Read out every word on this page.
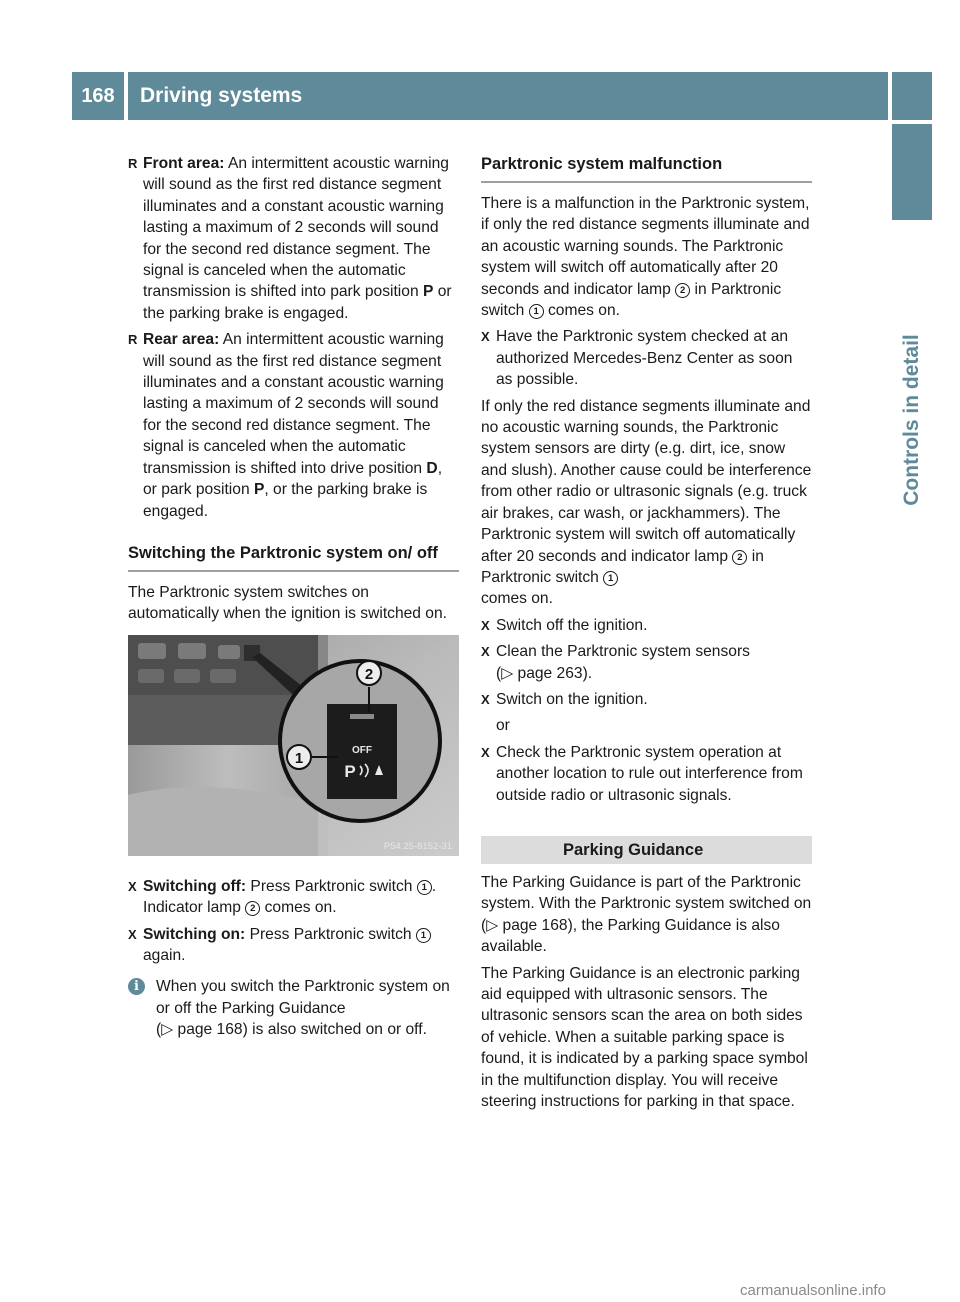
168	Driving systems
Controls in detail
R Front area: An intermittent acoustic warning will sound as the first red distance segment illuminates and a constant acoustic warning lasting a maximum of 2 seconds will sound for the second red distance segment. The signal is canceled when the automatic transmission is shifted into park position P or the parking brake is engaged.

R Rear area: An intermittent acoustic warning will sound as the first red distance segment illuminates and a constant acoustic warning lasting a maximum of 2 seconds will sound for the second red distance segment. The signal is canceled when the automatic transmission is shifted into drive position D, or park position P, or the parking brake is engaged.

Switching the Parktronic system on/ off

The Parktronic system switches on automatically when the ignition is switched on.

OFF
P
2
1
P54.25-8152-31
X Switching off: Press Parktronic switch 1 .
Indicator lamp 2 comes on.

X Switching on: Press Parktronic switch 1 again.

i	When you switch the Parktronic system on or off the Parking Guidance
(▷ page 168) is also switched on or off.

Parktronic system malfunction

There is a malfunction in the Parktronic system, if only the red distance segments illuminate and an acoustic warning sounds. The Parktronic system will switch off automatically after 20 seconds and indicator lamp 2 in Parktronic switch 1 comes on.

X Have the Parktronic system checked at an authorized Mercedes-Benz Center as soon as possible.

If only the red distance segments illuminate and no acoustic warning sounds, the Parktronic system sensors are dirty (e.g. dirt, ice, snow and slush). Another cause could be interference from other radio or ultrasonic signals (e.g. truck air brakes, car wash, or jackhammers). The Parktronic system will switch off automatically after 20 seconds and indicator lamp 2 in Parktronic switch 1
comes on.

X Switch off the ignition.

X Clean the Parktronic system sensors
(▷ page 263).

X Switch on the ignition.

or

X Check the Parktronic system operation at another location to rule out interference from outside radio or ultrasonic signals.

Parking Guidance

The Parking Guidance is part of the Parktronic system. With the Parktronic system switched on (▷ page 168), the Parking Guidance is also available.

The Parking Guidance is an electronic parking aid equipped with ultrasonic sensors. The ultrasonic sensors scan the area on both sides of vehicle. When a suitable parking space is found, it is indicated by a parking space symbol in the multifunction display. You will receive steering instructions for parking in that space.

carmanualsonline.info
